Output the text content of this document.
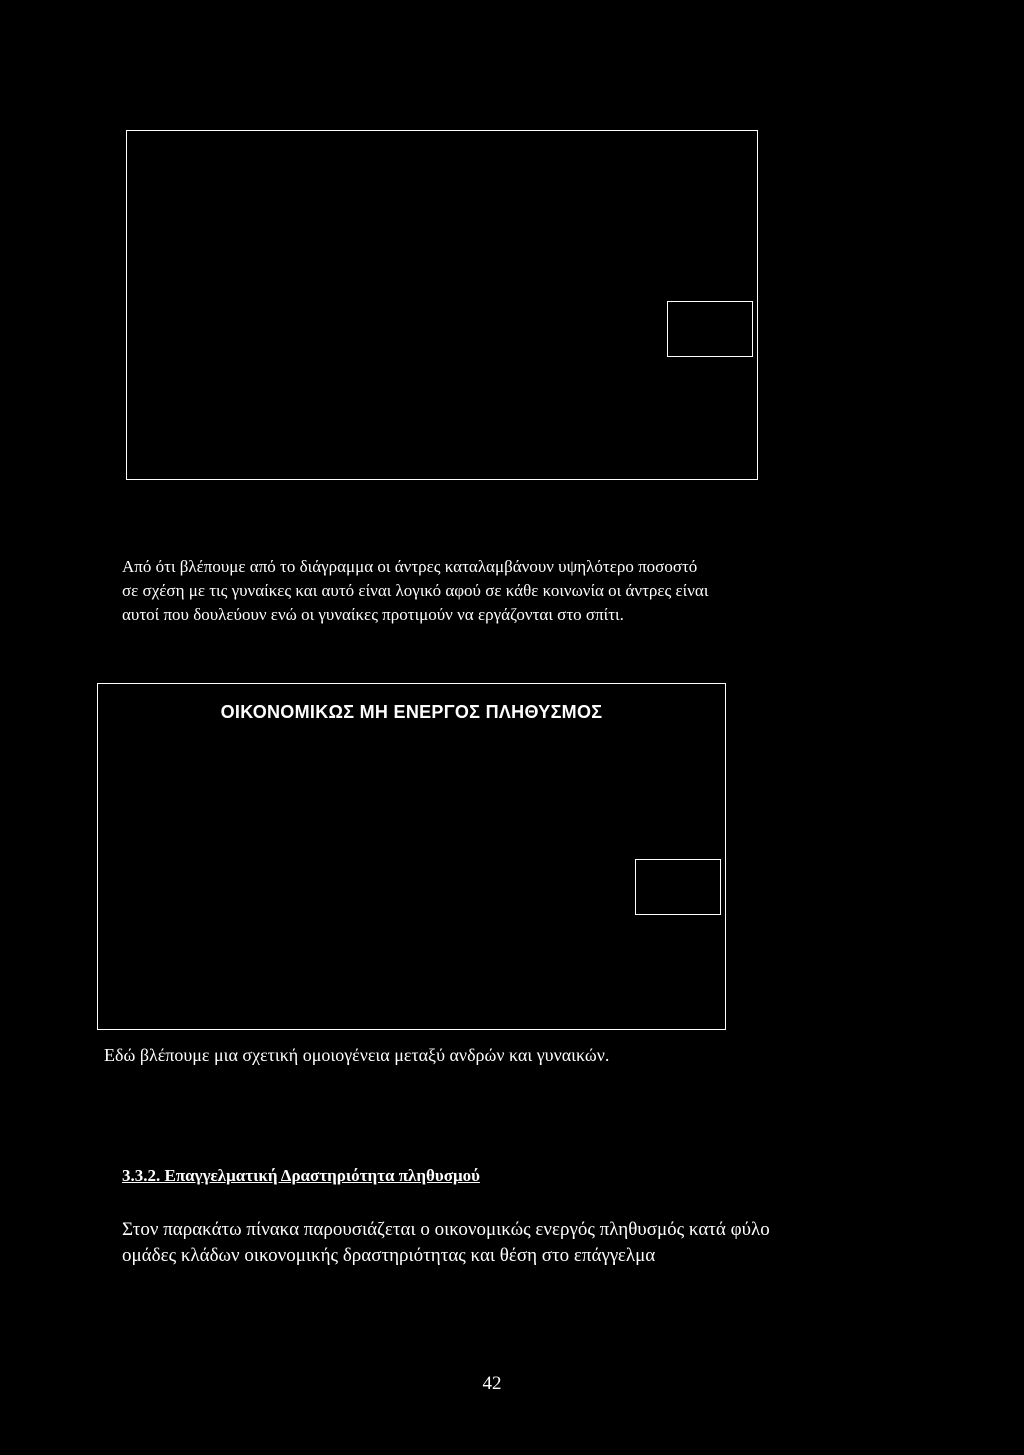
Από ότι βλέπουμε από το διάγραμμα οι άντρες καταλαμβάνουν υψηλότερο ποσοστό
σε σχέση με τις γυναίκες και αυτό είναι λογικό αφού σε κάθε κοινωνία οι άντρες είναι
αυτοί που δουλεύουν ενώ οι γυναίκες προτιμούν να εργάζονται στο σπίτι.

ΟΙΚΟΝΟΜΙΚΩΣ ΜΗ ΕΝΕΡΓΟΣ ΠΛΗΘΥΣΜΟΣ

Εδώ βλέπουμε μια σχετική ομοιογένεια μεταξύ ανδρών και γυναικών.

3.3.2. Επαγγελματική Δραστηριότητα πληθυσμού

Στον παρακάτω πίνακα παρουσιάζεται ο οικονομικώς ενεργός πληθυσμός κατά φύλο
ομάδες κλάδων οικονομικής δραστηριότητας και θέση στο επάγγελμα

42
